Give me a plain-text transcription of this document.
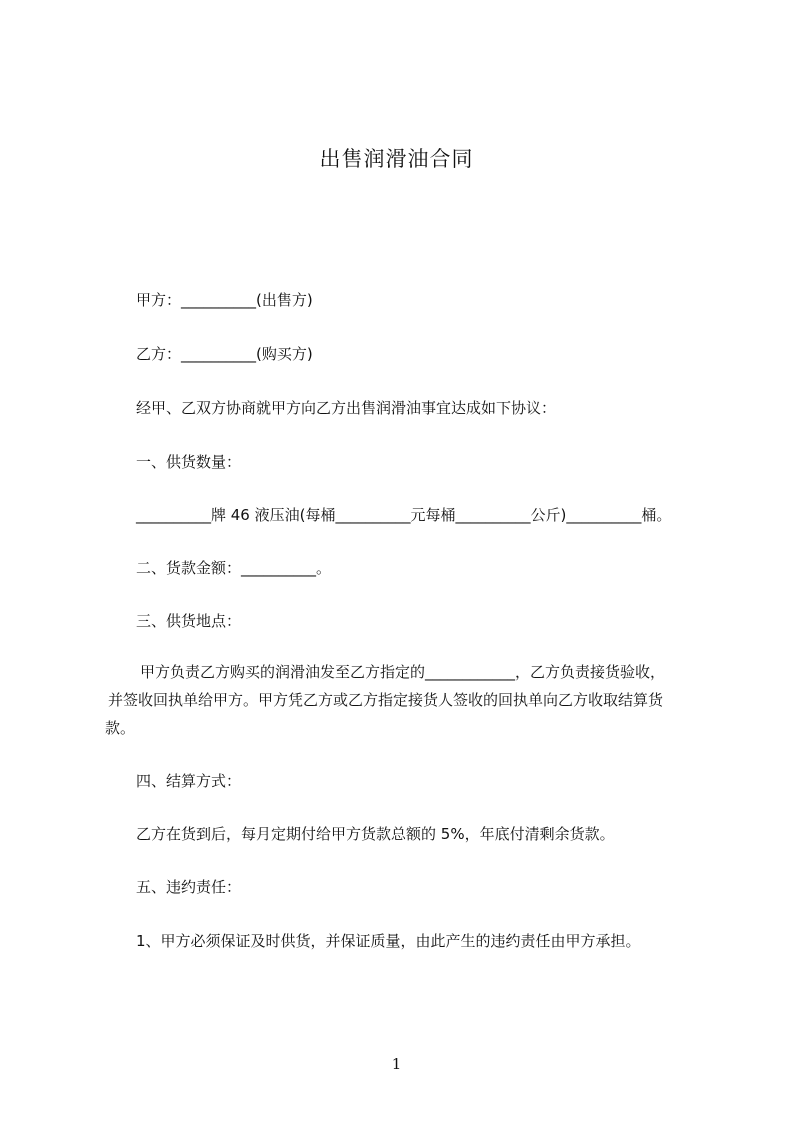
出售润滑油合同
甲方：__________(出售方)
乙方：__________(购买方)
经甲、乙双方协商就甲方向乙方出售润滑油事宜达成如下协议：
一、供货数量：
__________牌 46 液压油(每桶__________元每桶__________公斤)__________桶。
二、货款金额：__________。
三、供货地点：
甲方负责乙方购买的润滑油发至乙方指定的____________，乙方负责接货验收，
并签收回执单给甲方。甲方凭乙方或乙方指定接货人签收的回执单向乙方收取结算货
款。
四、结算方式：
乙方在货到后，每月定期付给甲方货款总额的 5%，年底付清剩余货款。
五、违约责任：
1、甲方必须保证及时供货，并保证质量，由此产生的违约责任由甲方承担。
1
